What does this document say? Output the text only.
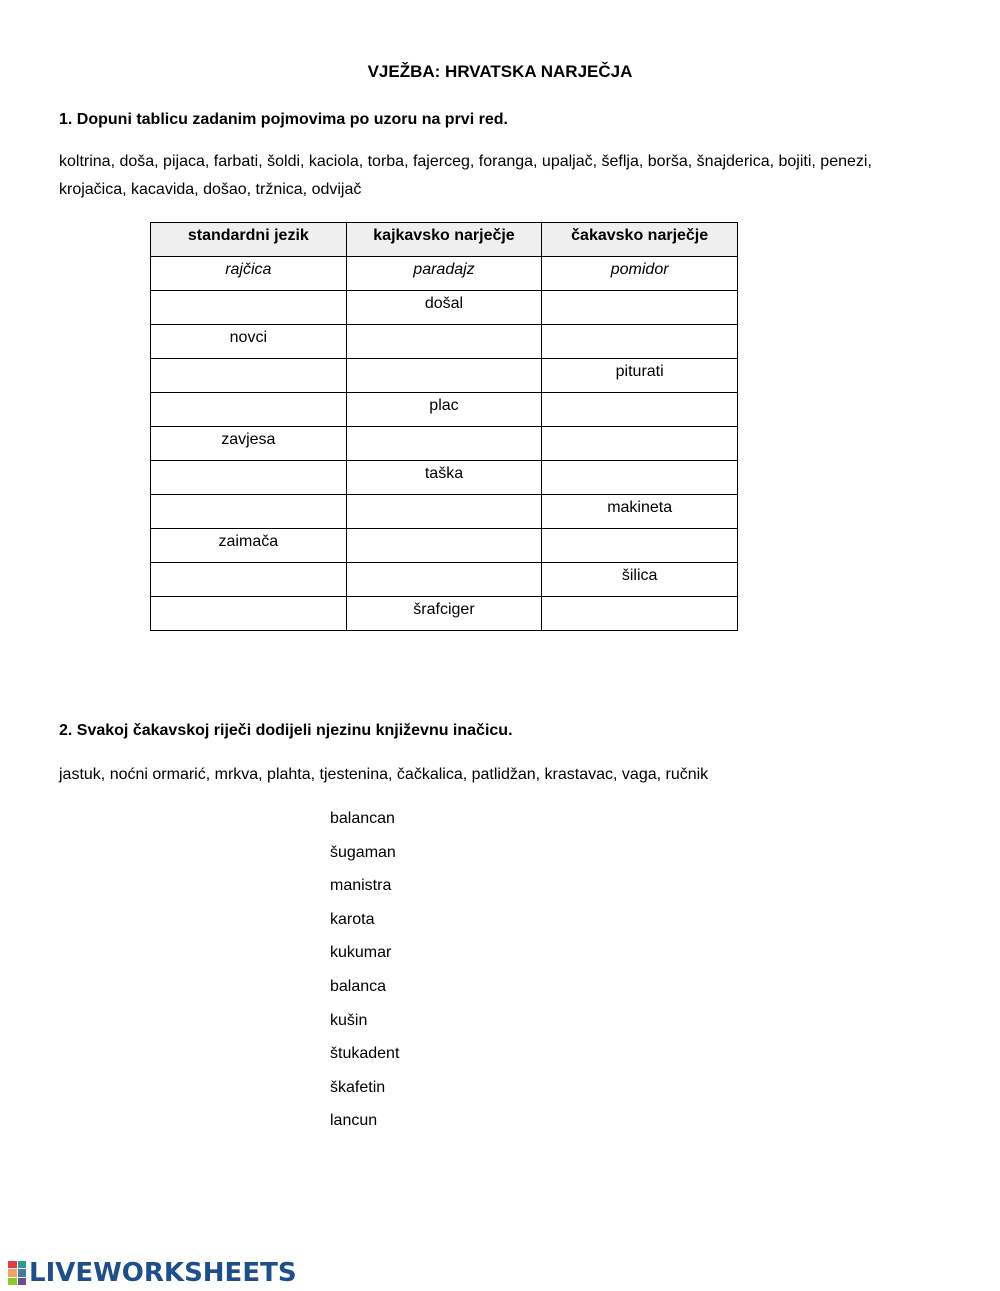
VJEŽBA: HRVATSKA NARJEČJA
1. Dopuni tablicu zadanim pojmovima po uzoru na prvi red.
koltrina, doša, pijaca, farbati, šoldi, kaciola, torba, fajerceg, foranga, upaljač, šeflja, borša, šnajderica, bojiti, penezi, krojačica, kacavida, došao, tržnica, odvijač
standardni jezik	kajkavsko narječje	čakavsko narječje
rajčica	paradajz	pomidor
	došal	
novci		
		piturati
	plac	
zavjesa		
	taška	
		makineta
zaimača		
		šilica
	šrafciger	
2. Svakoj čakavskoj riječi dodijeli njezinu književnu inačicu.
jastuk, noćni ormarić, mrkva, plahta, tjestenina, čačkalica, patlidžan, krastavac, vaga, ručnik
balancan
šugaman
manistra
karota
kukumar
balanca
kušin
štukadent
škafetin
lancun
LIVEWORKSHEETS
